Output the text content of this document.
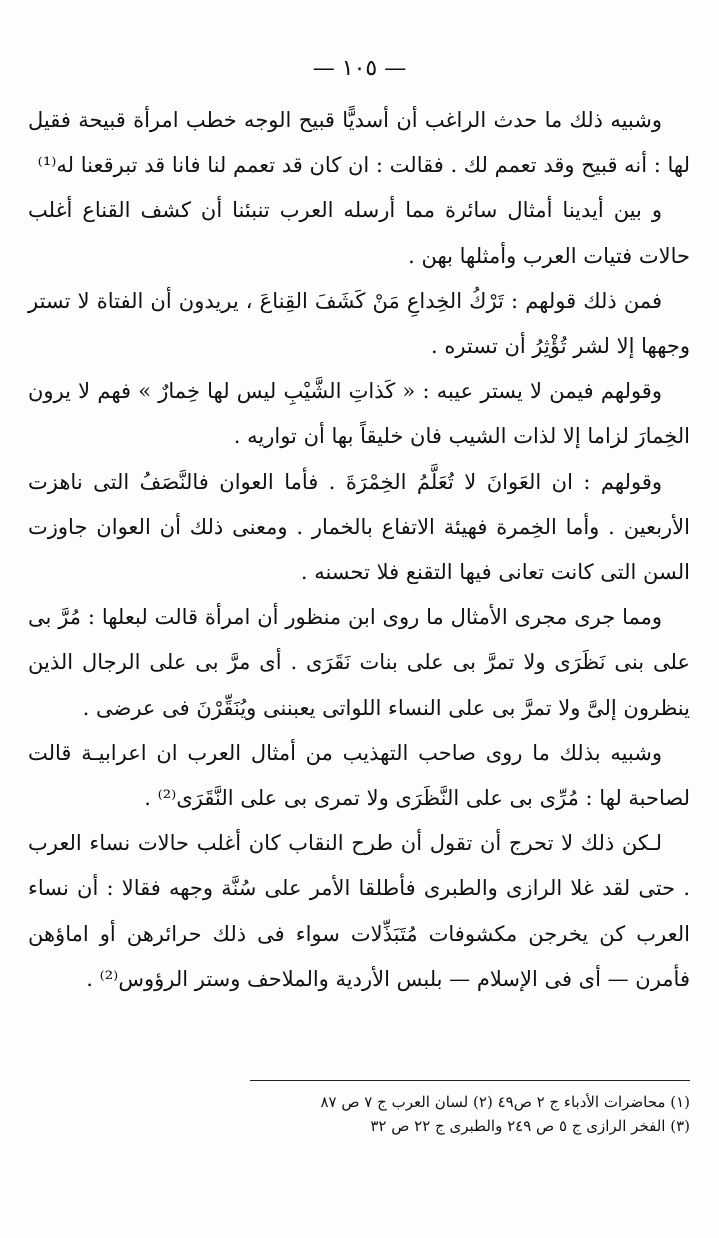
— ١٠٥ —

وشبيه ذلك ما حدث الراغب أن أسديًّا قبيح الوجه خطب امرأة قبيحة فقيل لها : أنه قبيح وقد تعمم لك . فقالت : ان كان قد تعمم لنا فانا قد تبرقعنا له⁽¹⁾

و بين أيدينا أمثال سائرة مما أرسله العرب تنبئنا أن كشف القناع أغلب حالات فتيات العرب وأمثلها بهن .

فمن ذلك قولهم : تَرْكُ الخِداعِ مَنْ كَشَفَ القِناعَ ، يريدون أن الفتاة لا تستر وجهها إلا لشر تُؤْثِرُ أن تستره .

وقولهم فيمن لا يستر عيبه : « كَذاتِ الشَّيْبِ ليس لها خِمارٌ » فهم لا يرون الخِمارَ لزاما إلا لذات الشيب فان خليقاً بها أن تواريه .

وقولهم : ان العَوانَ لا تُعَلَّمُ الخِمْرَةَ . فأما العوان فالنَّصَفُ التى ناهزت الأربعين . وأما الخِمرة فهيئة الاتفاع بالخمار . ومعنى ذلك أن العوان جاوزت السن التى كانت تعانى فيها التقنع فلا تحسنه .

ومما جرى مجرى الأمثال ما روى ابن منظور أن امرأة قالت لبعلها : مُرَّ بى على بنى نَظَرَى ولا تمرَّ بى على بنات نَقَرَى . أى مرَّ بى على الرجال الذين ينظرون إلىَّ ولا تمرَّ بى على النساء اللواتى يعبننى ويُنَقِّرْنَ فى عرضى .

وشبيه بذلك ما روى صاحب التهذيب من أمثال العرب ان اعرابيـة قالت لصاحبة لها : مُرِّى بى على النَّظَرَى ولا تمرى بى على النَّقَرَى⁽²⁾ .

لـكن ذلك لا تحرج أن تقول أن طرح النقاب كان أغلب حالات نساء العرب . حتى لقد غلا الرازى والطبرى فأطلقا الأمر على سُنَّة وجهه فقالا : أن نساء العرب كن يخرجن مكشوفات مُتَبَذِّلات سواء فى ذلك حرائرهن أو اماؤهن فأمرن — أى فى الإسلام — بلبس الأردية والملاحف وستر الرؤوس⁽²⁾ .

(١) محاضرات الأدباء ج ٢ ص٤٩ (٢) لسان العرب ج ٧ ص ٨٧

(٣) الفخر الرازى ج ٥ ص ٢٤٩ والطبرى ج ٢٢ ص ٣٢
